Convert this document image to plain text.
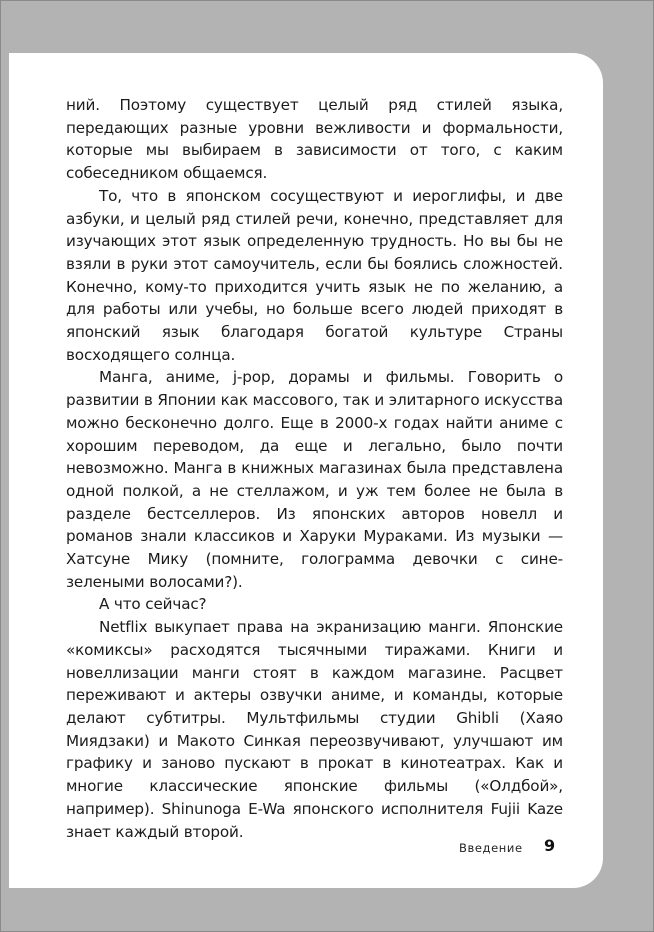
ний. Поэтому существует целый ряд стилей языка, передающих разные уровни вежливости и формальности, которые мы выбираем в зависимости от того, с каким собеседником общаемся.

То, что в японском сосуществуют и иероглифы, и две азбуки, и целый ряд стилей речи, конечно, представляет для изучающих этот язык определенную трудность. Но вы бы не взяли в руки этот самоучитель, если бы боялись сложностей. Конечно, кому-то приходится учить язык не по желанию, а для работы или учебы, но больше всего людей приходят в японский язык благодаря богатой культуре Страны восходящего солнца.

Манга, аниме, j-pop, дорамы и фильмы. Говорить о развитии в Японии как массового, так и элитарного искусства можно бесконечно долго. Еще в 2000-х годах найти аниме с хорошим переводом, да еще и легально, было почти невозможно. Манга в книжных магазинах была представлена одной полкой, а не стеллажом, и уж тем более не была в разделе бестселлеров. Из японских авторов новелл и романов знали классиков и Харуки Мураками. Из музыки — Хатсуне Мику (помните, голограмма девочки с сине-зелеными волосами?).

А что сейчас?

Netflix выкупает права на экранизацию манги. Японские «комиксы» расходятся тысячными тиражами. Книги и новеллизации манги стоят в каждом магазине. Расцвет переживают и актеры озвучки аниме, и команды, которые делают субтитры. Мультфильмы студии Ghibli (Хаяо Миядзаки) и Макото Синкая переозвучивают, улучшают им графику и заново пускают в прокат в кинотеатрах. Как и многие классические японские фильмы («Олдбой», например). Shinunoga E-Wa японского исполнителя Fujii Kaze знает каждый второй.

Введение 9
